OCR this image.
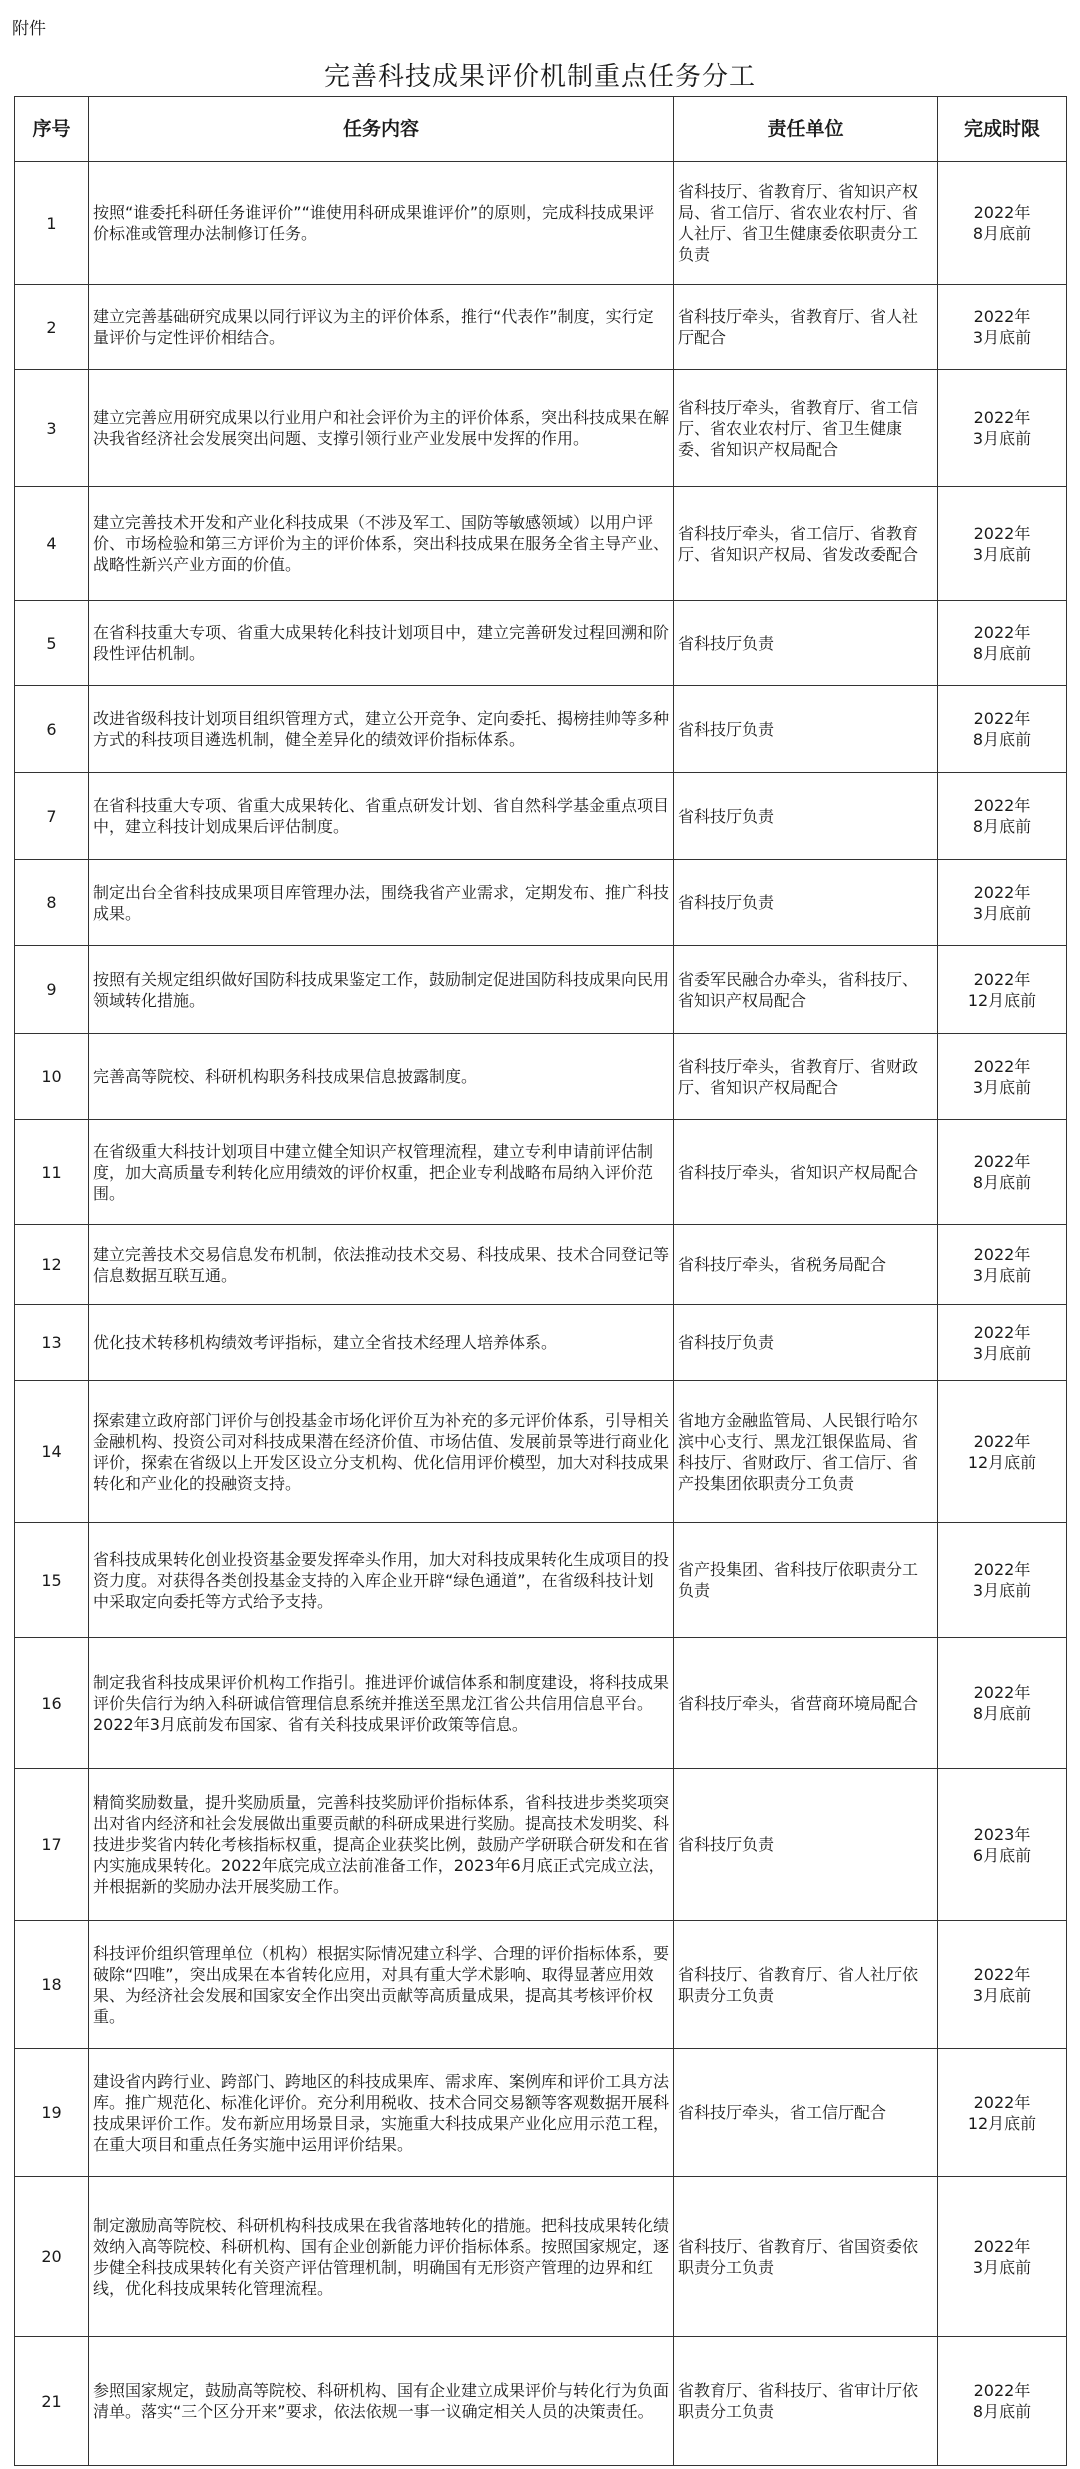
附件
完善科技成果评价机制重点任务分工
序号	任务内容	责任单位	完成时限
1	按照“谁委托科研任务谁评价”“谁使用科研成果谁评价”的原则，完成科技成果评价标准或管理办法制修订任务。	省科技厅、省教育厅、省知识产权局、省工信厅、省农业农村厅、省人社厅、省卫生健康委依职责分工负责	2022年
8月底前

2	建立完善基础研究成果以同行评议为主的评价体系，推行“代表作”制度，实行定量评价与定性评价相结合。	省科技厅牵头，省教育厅、省人社厅配合	2022年
3月底前

3	建立完善应用研究成果以行业用户和社会评价为主的评价体系，突出科技成果在解决我省经济社会发展突出问题、支撑引领行业产业发展中发挥的作用。	省科技厅牵头，省教育厅、省工信厅、省农业农村厅、省卫生健康委、省知识产权局配合	2022年
3月底前

4	建立完善技术开发和产业化科技成果（不涉及军工、国防等敏感领域）以用户评价、市场检验和第三方评价为主的评价体系，突出科技成果在服务全省主导产业、战略性新兴产业方面的价值。	省科技厅牵头，省工信厅、省教育厅、省知识产权局、省发改委配合	2022年
3月底前

5	在省科技重大专项、省重大成果转化科技计划项目中，建立完善研发过程回溯和阶段性评估机制。	省科技厅负责	2022年
8月底前

6	改进省级科技计划项目组织管理方式，建立公开竞争、定向委托、揭榜挂帅等多种方式的科技项目遴选机制，健全差异化的绩效评价指标体系。	省科技厅负责	2022年
8月底前

7	在省科技重大专项、省重大成果转化、省重点研发计划、省自然科学基金重点项目中，建立科技计划成果后评估制度。	省科技厅负责	2022年
8月底前

8	制定出台全省科技成果项目库管理办法，围绕我省产业需求，定期发布、推广科技成果。	省科技厅负责	2022年
3月底前

9	按照有关规定组织做好国防科技成果鉴定工作，鼓励制定促进国防科技成果向民用领域转化措施。	省委军民融合办牵头，省科技厅、省知识产权局配合	2022年
12月底前

10	完善高等院校、科研机构职务科技成果信息披露制度。	省科技厅牵头，省教育厅、省财政厅、省知识产权局配合	2022年
3月底前

11	在省级重大科技计划项目中建立健全知识产权管理流程，建立专利申请前评估制度，加大高质量专利转化应用绩效的评价权重，把企业专利战略布局纳入评价范围。	省科技厅牵头，省知识产权局配合	2022年
8月底前

12	建立完善技术交易信息发布机制，依法推动技术交易、科技成果、技术合同登记等信息数据互联互通。	省科技厅牵头，省税务局配合	2022年
3月底前

13	优化技术转移机构绩效考评指标，建立全省技术经理人培养体系。	省科技厅负责	2022年
3月底前

14	探索建立政府部门评价与创投基金市场化评价互为补充的多元评价体系，引导相关金融机构、投资公司对科技成果潜在经济价值、市场估值、发展前景等进行商业化评价，探索在省级以上开发区设立分支机构、优化信用评价模型，加大对科技成果转化和产业化的投融资支持。	省地方金融监管局、人民银行哈尔滨中心支行、黑龙江银保监局、省科技厅、省财政厅、省工信厅、省产投集团依职责分工负责	2022年
12月底前

15	省科技成果转化创业投资基金要发挥牵头作用，加大对科技成果转化生成项目的投资力度。对获得各类创投基金支持的入库企业开辟“绿色通道”，在省级科技计划中采取定向委托等方式给予支持。	省产投集团、省科技厅依职责分工负责	2022年
3月底前

16	制定我省科技成果评价机构工作指引。推进评价诚信体系和制度建设，将科技成果评价失信行为纳入科研诚信管理信息系统并推送至黑龙江省公共信用信息平台。2022年3月底前发布国家、省有关科技成果评价政策等信息。	省科技厅牵头，省营商环境局配合	2022年
8月底前

17	精简奖励数量，提升奖励质量，完善科技奖励评价指标体系，省科技进步类奖项突出对省内经济和社会发展做出重要贡献的科研成果进行奖励。提高技术发明奖、科技进步奖省内转化考核指标权重，提高企业获奖比例，鼓励产学研联合研发和在省内实施成果转化。2022年底完成立法前准备工作，2023年6月底正式完成立法，并根据新的奖励办法开展奖励工作。	省科技厅负责	2023年
6月底前

18	科技评价组织管理单位（机构）根据实际情况建立科学、合理的评价指标体系，要破除“四唯”，突出成果在本省转化应用，对具有重大学术影响、取得显著应用效果、为经济社会发展和国家安全作出突出贡献等高质量成果，提高其考核评价权重。	省科技厅、省教育厅、省人社厅依职责分工负责	2022年
3月底前

19	建设省内跨行业、跨部门、跨地区的科技成果库、需求库、案例库和评价工具方法库。推广规范化、标准化评价。充分利用税收、技术合同交易额等客观数据开展科技成果评价工作。发布新应用场景目录，实施重大科技成果产业化应用示范工程，在重大项目和重点任务实施中运用评价结果。	省科技厅牵头，省工信厅配合	2022年
12月底前

20	制定激励高等院校、科研机构科技成果在我省落地转化的措施。把科技成果转化绩效纳入高等院校、科研机构、国有企业创新能力评价指标体系。按照国家规定，逐步健全科技成果转化有关资产评估管理机制，明确国有无形资产管理的边界和红线，优化科技成果转化管理流程。	省科技厅、省教育厅、省国资委依职责分工负责	2022年
3月底前

21	参照国家规定，鼓励高等院校、科研机构、国有企业建立成果评价与转化行为负面清单。落实“三个区分开来”要求，依法依规一事一议确定相关人员的决策责任。	省教育厅、省科技厅、省审计厅依职责分工负责	2022年
8月底前
